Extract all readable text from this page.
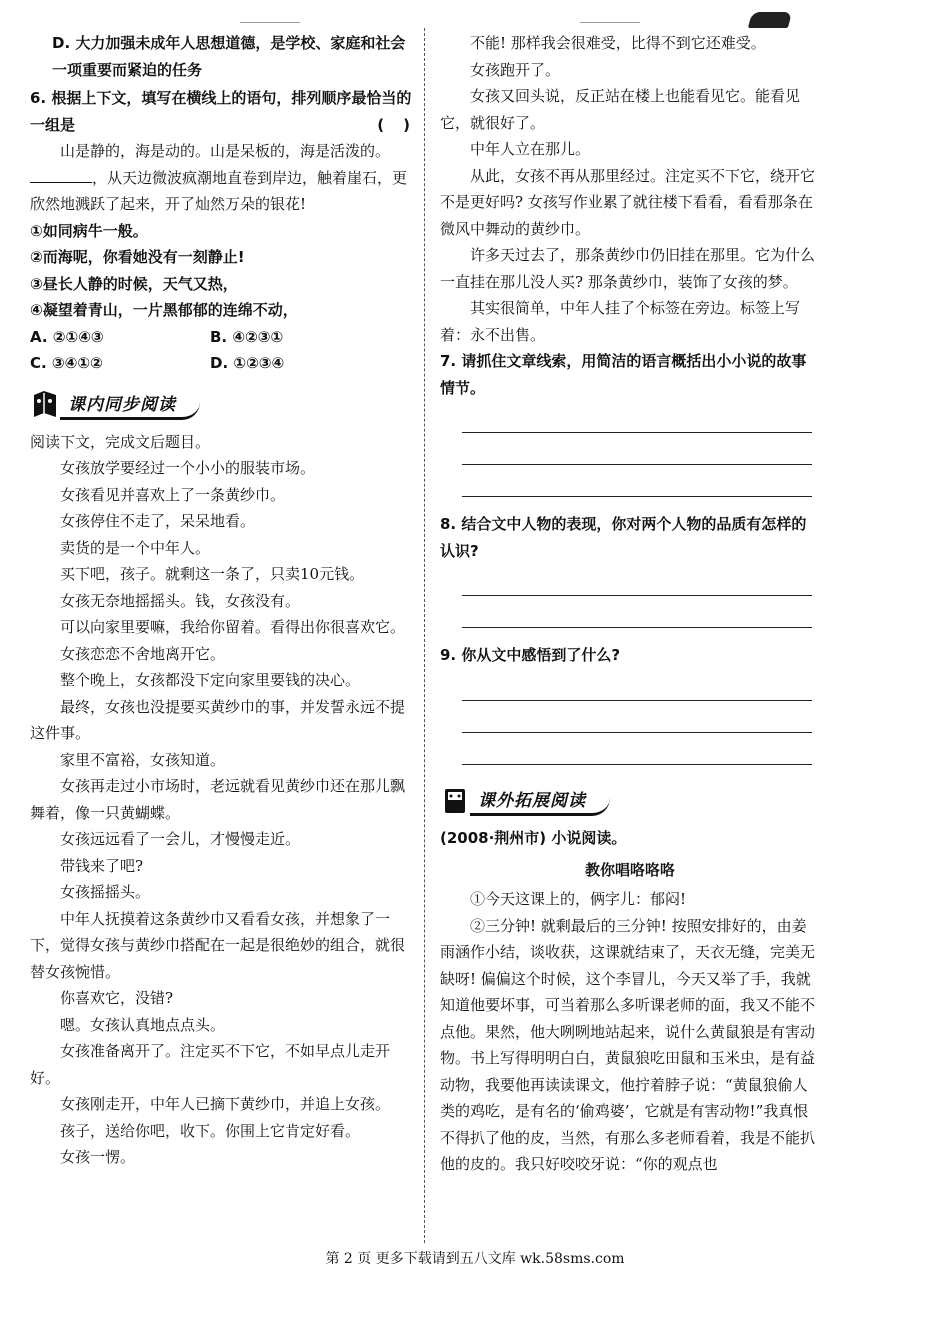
D. 大力加强未成年人思想道德，是学校、家庭和社会一项重要而紧迫的任务

6. 根据上下文，填写在横线上的语句，排列顺序最恰当的一组是	(　)

山是静的，海是动的。山是呆板的，海是活泼的。，从天边微波疯潮地直卷到岸边，触着崖石，更欣然地溅跃了起来，开了灿然万朵的银花!

①如同病牛一般。

②而海呢，你看她没有一刻静止!

③昼长人静的时候，天气又热，

④凝望着青山，一片黑郁郁的连绵不动，

A. ②①④③	B. ④②③①
C. ③④①②	D. ①②③④
课内同步阅读

阅读下文，完成文后题目。

女孩放学要经过一个小小的服装市场。

女孩看见并喜欢上了一条黄纱巾。

女孩停住不走了，呆呆地看。

卖货的是一个中年人。

买下吧，孩子。就剩这一条了，只卖10元钱。

女孩无奈地摇摇头。钱，女孩没有。

可以向家里要嘛，我给你留着。看得出你很喜欢它。

女孩恋恋不舍地离开它。

整个晚上，女孩都没下定向家里要钱的决心。

最终，女孩也没提要买黄纱巾的事，并发誓永远不提这件事。

家里不富裕，女孩知道。

女孩再走过小市场时，老远就看见黄纱巾还在那儿飘舞着，像一只黄蝴蝶。

女孩远远看了一会儿，才慢慢走近。

带钱来了吧?

女孩摇摇头。

中年人抚摸着这条黄纱巾又看看女孩，并想象了一下，觉得女孩与黄纱巾搭配在一起是很绝妙的组合，就很替女孩惋惜。

你喜欢它，没错?

嗯。女孩认真地点点头。

女孩准备离开了。注定买不下它，不如早点儿走开好。

女孩刚走开，中年人已摘下黄纱巾，并追上女孩。

孩子，送给你吧，收下。你围上它肯定好看。

女孩一愣。

不能! 那样我会很难受，比得不到它还难受。

女孩跑开了。

女孩又回头说，反正站在楼上也能看见它。能看见它，就很好了。

中年人立在那儿。

从此，女孩不再从那里经过。注定买不下它，绕开它不是更好吗? 女孩写作业累了就往楼下看看，看看那条在微风中舞动的黄纱巾。

许多天过去了，那条黄纱巾仍旧挂在那里。它为什么一直挂在那儿没人买? 那条黄纱巾，装饰了女孩的梦。

其实很简单，中年人挂了个标签在旁边。标签上写着：永不出售。

7. 请抓住文章线索，用简洁的语言概括出小小说的故事情节。

8. 结合文中人物的表现，你对两个人物的品质有怎样的认识?

9. 你从文中感悟到了什么?

课外拓展阅读

(2008·荆州市) 小说阅读。

教你唱咯咯咯

①今天这课上的，俩字儿：郁闷!

②三分钟! 就剩最后的三分钟! 按照安排好的，由姜雨涵作小结，谈收获，这课就结束了，天衣无缝，完美无缺呀! 偏偏这个时候，这个李冒儿，今天又举了手，我就知道他要坏事，可当着那么多听课老师的面，我又不能不点他。果然，他大咧咧地站起来，说什么黄鼠狼是有害动物。书上写得明明白白，黄鼠狼吃田鼠和玉米虫，是有益动物，我要他再读读课文，他拧着脖子说：“黄鼠狼偷人类的鸡吃，是有名的‘偷鸡婆’，它就是有害动物!”我真恨不得扒了他的皮，当然，有那么多老师看着，我是不能扒他的皮的。我只好咬咬牙说：“你的观点也

第 2 页 更多下载请到五八文库 wk.58sms.com
